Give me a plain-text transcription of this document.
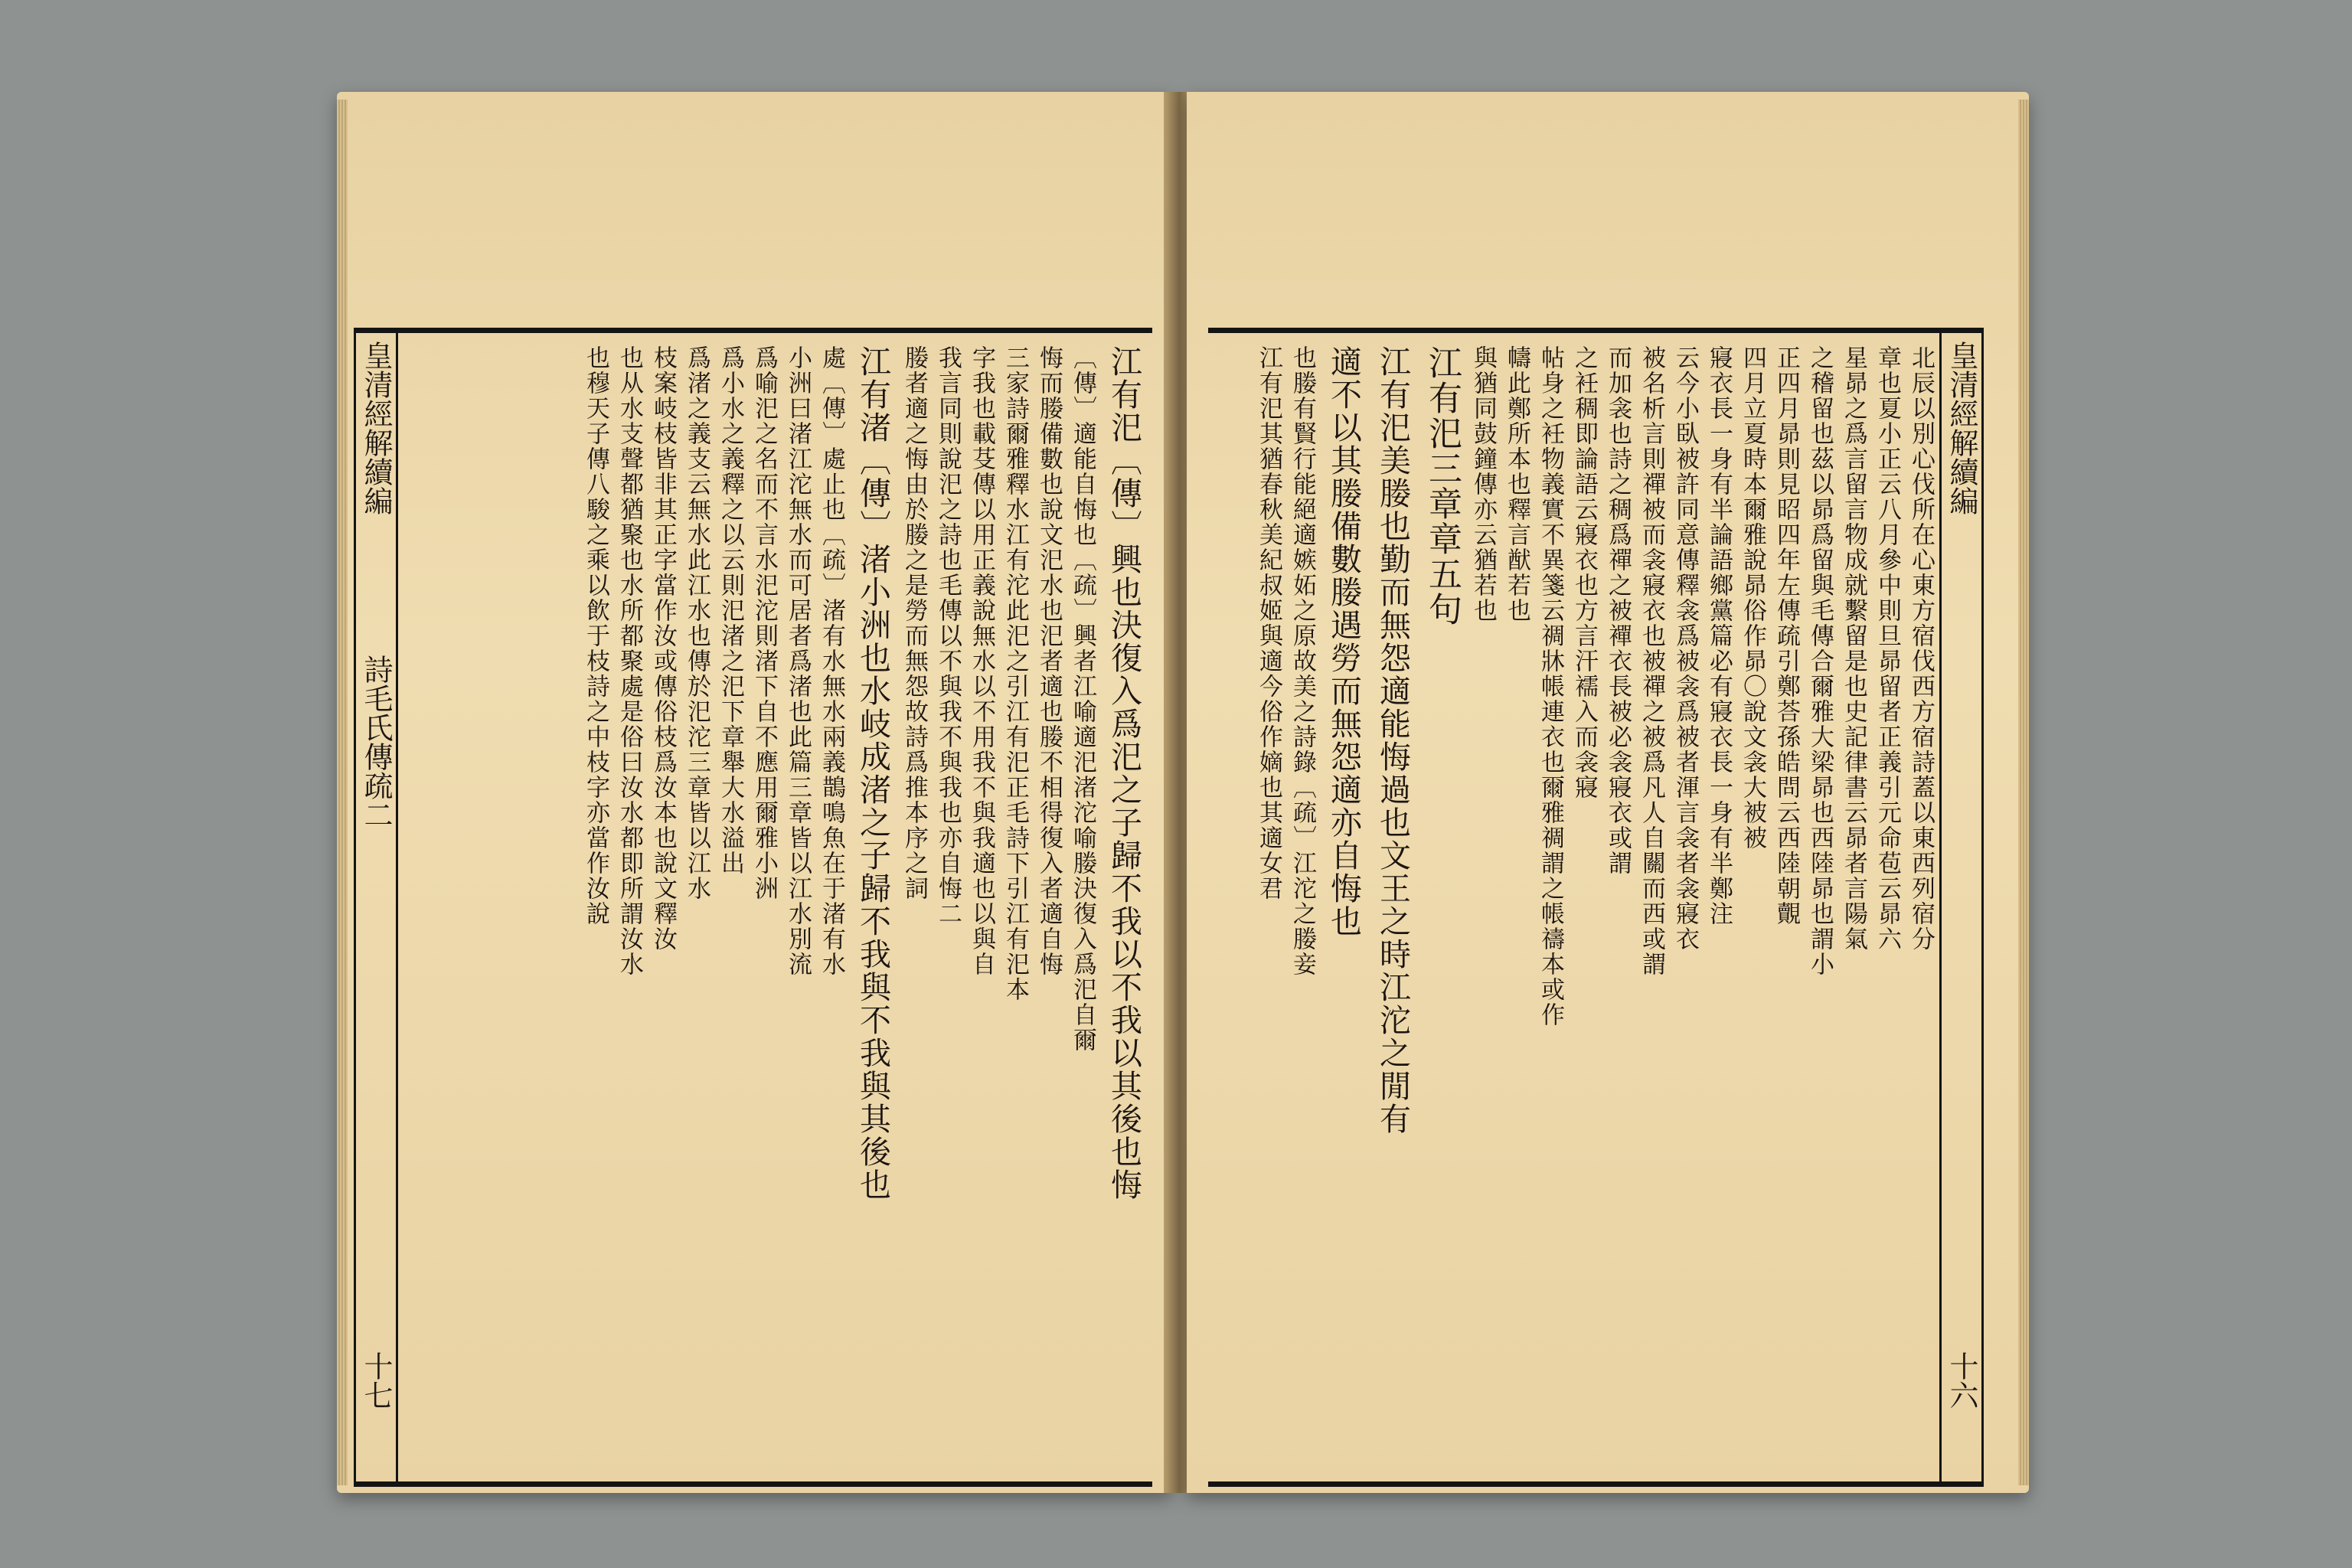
皇清經解續編
詩毛氏傳疏二
十七
江有汜〔傳〕興也決復入爲汜之子歸不我以不我以其後也悔
〔傳〕適能自悔也〔疏〕興者江喻適汜渚沱喻媵決復入爲汜自爾
悔而媵備數也說文汜水也汜者適也媵不相得復入者適自悔
三家詩爾雅釋水江有沱此汜之引江有汜正毛詩下引江有汜本
字我也載芟傳以用正義說無水以不用我不與我適也以與自
我言同則說汜之詩也毛傳以不與我不與我也亦自悔二
媵者適之悔由於媵之是勞而無怨故詩爲推本序之詞
江有渚〔傳〕渚小洲也水岐成渚之子歸不我與不我與其後也
處〔傳〕處止也〔疏〕渚有水無水兩義鵲鳴魚在于渚有水
小洲曰渚江沱無水而可居者爲渚也此篇三章皆以江水別流
爲喻汜之名而不言水汜沱則渚下自不應用爾雅小洲
爲小水之義釋之以云則汜渚之汜下章舉大水溢出
爲渚之義支云無水此江水也傳於汜沱三章皆以江水
枝案岐枝皆非其正字當作汝或傳俗枝爲汝本也說文釋汝
也从水支聲都猶聚也水所都聚處是俗曰汝水都即所謂汝水
也穆天子傳八駿之乘以飲于枝詩之中枝字亦當作汝說	北辰以別心伐所在心東方宿伐西方宿詩蓋以東西列宿分
章也夏小正云八月參中則旦昴留者正義引元命苞云昴六
星昴之爲言留言物成就繫留是也史記律書云昴者言陽氣
之稽留也茲以昴爲留與毛傳合爾雅大梁昴也西陸昴也謂小
正四月昴則見昭四年左傳疏引鄭荅孫皓問云西陸朝覿
四月立夏時本爾雅說昴俗作昴〇說文衾大被被
寢衣長一身有半論語鄉黨篇必有寢衣長一身有半鄭注
云今小臥被許同意傳釋衾爲被衾爲被者渾言衾者衾寢衣
被名析言則禪被而衾寢衣也被禪之被爲凡人自關而西或謂
而加衾也詩之稠爲禪之被襌衣長被必衾寢衣或謂
之衽稠即論語云寢衣也方言汗襦入而衾寢
帖身之衽物義實不異箋云禂牀帳連衣也爾雅禂謂之帳禱本或作
幬此鄭所本也釋言猷若也
與猶同鼓鐘傳亦云猶若也
江有汜三章章五句
江有汜美媵也勤而無怨適能悔過也文王之時江沱之閒有
適不以其媵備數媵遇勞而無怨適亦自悔也
也媵有賢行能絕適嫉妬之原故美之詩錄〔疏〕江沱之媵妾
江有汜其猶春秋美紀叔姬與適今俗作嫡也其適女君	皇清經解續編
十六
